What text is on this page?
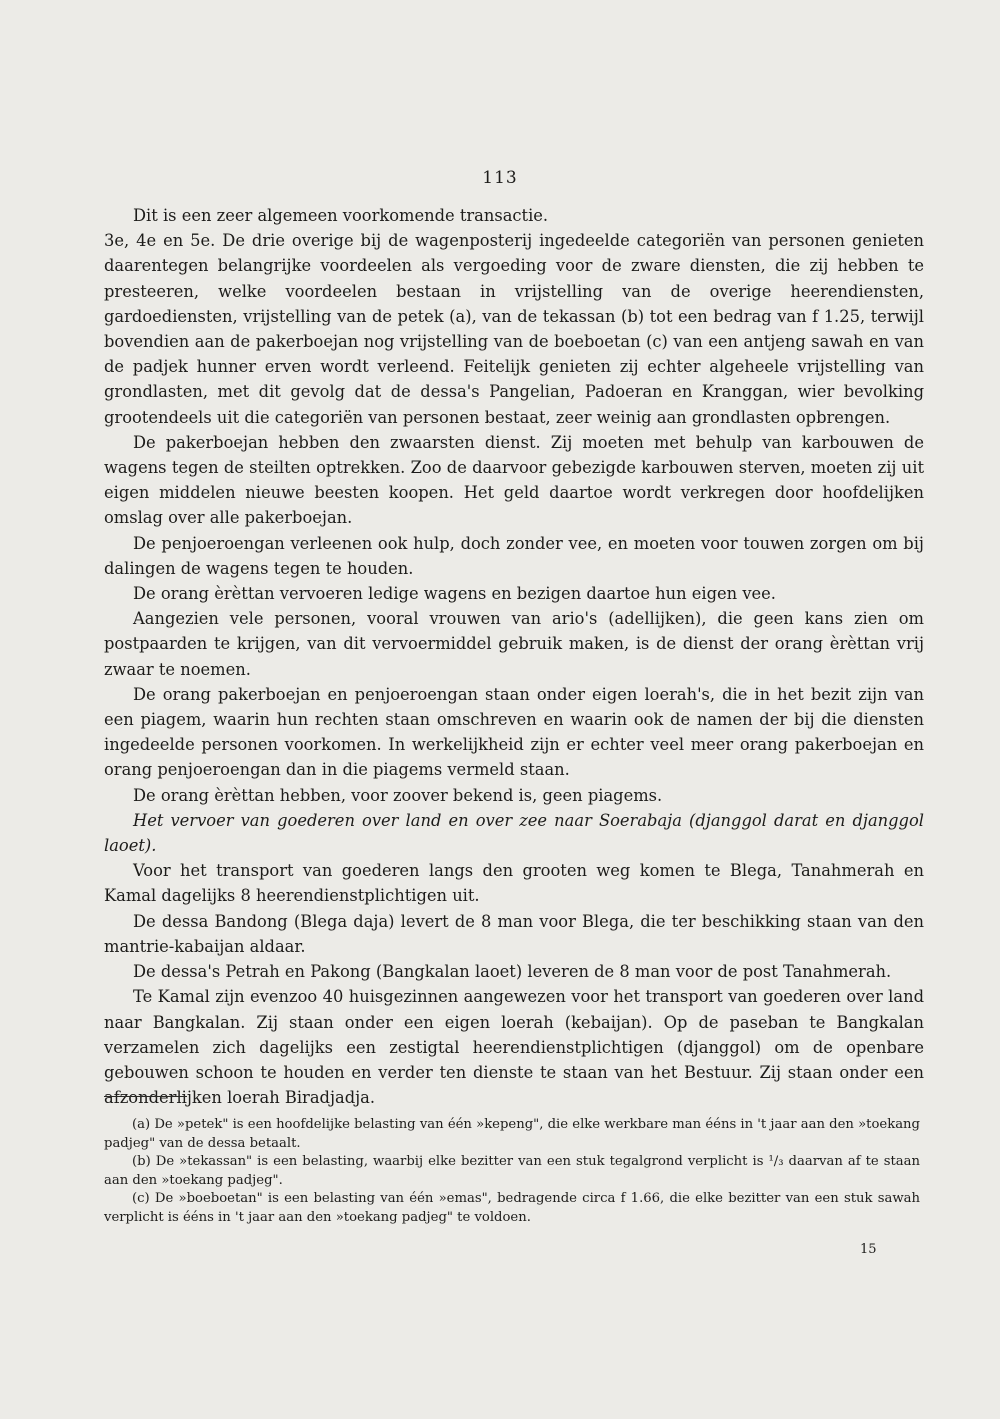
113

Dit is een zeer algemeen voorkomende transactie.

3e, 4e en 5e. De drie overige bij de wagenposterij ingedeelde categoriën van personen genieten daarentegen belangrijke voordeelen als vergoeding voor de zware diensten, die zij hebben te presteeren, welke voordeelen bestaan in vrijstelling van de overige heerendiensten, gardoediensten, vrijstelling van de petek (a), van de tekassan (b) tot een bedrag van f 1.25, terwijl bovendien aan de pakerboejan nog vrijstelling van de boeboetan (c) van een antjeng sawah en van de padjek hunner erven wordt verleend. Feitelijk genieten zij echter algeheele vrijstelling van grondlasten, met dit gevolg dat de dessa's Pangelian, Padoeran en Kranggan, wier bevolking grootendeels uit die categoriën van personen bestaat, zeer weinig aan grondlasten opbrengen.

De pakerboejan hebben den zwaarsten dienst. Zij moeten met behulp van karbouwen de wagens tegen de steilten optrekken. Zoo de daarvoor gebezigde karbouwen sterven, moeten zij uit eigen middelen nieuwe beesten koopen. Het geld daartoe wordt verkregen door hoofdelijken omslag over alle pakerboejan.

De penjoeroengan verleenen ook hulp, doch zonder vee, en moeten voor touwen zorgen om bij dalingen de wagens tegen te houden.

De orang èrèttan vervoeren ledige wagens en bezigen daartoe hun eigen vee.

Aangezien vele personen, vooral vrouwen van ario's (adellijken), die geen kans zien om postpaarden te krijgen, van dit vervoermiddel gebruik maken, is de dienst der orang èrèttan vrij zwaar te noemen.

De orang pakerboejan en penjoeroengan staan onder eigen loerah's, die in het bezit zijn van een piagem, waarin hun rechten staan omschreven en waarin ook de namen der bij die diensten ingedeelde personen voorkomen. In werkelijkheid zijn er echter veel meer orang pakerboejan en orang penjoeroengan dan in die piagems vermeld staan.

De orang èrèttan hebben, voor zoover bekend is, geen piagems.

Het vervoer van goederen over land en over zee naar Soerabaja (djanggol darat en djanggol laoet).

Voor het transport van goederen langs den grooten weg komen te Blega, Tanahmerah en Kamal dagelijks 8 heerendienstplichtigen uit.

De dessa Bandong (Blega daja) levert de 8 man voor Blega, die ter beschikking staan van den mantrie-kabaijan aldaar.

De dessa's Petrah en Pakong (Bangkalan laoet) leveren de 8 man voor de post Tanahmerah.

Te Kamal zijn evenzoo 40 huisgezinnen aangewezen voor het transport van goederen over land naar Bangkalan. Zij staan onder een eigen loerah (kebaijan). Op de paseban te Bangkalan verzamelen zich dagelijks een zestigtal heerendienstplichtigen (djanggol) om de openbare gebouwen schoon te houden en verder ten dienste te staan van het Bestuur. Zij staan onder een afzonderlijken loerah Biradjadja.

(a) De »petek" is een hoofdelijke belasting van één »kepeng", die elke werkbare man ééns in 't jaar aan den »toekang padjeg" van de dessa betaalt.

(b) De »tekassan" is een belasting, waarbij elke bezitter van een stuk tegalgrond verplicht is ¹/₃ daarvan af te staan aan den »toekang padjeg".

(c) De »boeboetan" is een belasting van één »emas", bedragende circa f 1.66, die elke bezitter van een stuk sawah verplicht is ééns in 't jaar aan den »toekang padjeg" te voldoen.

15
